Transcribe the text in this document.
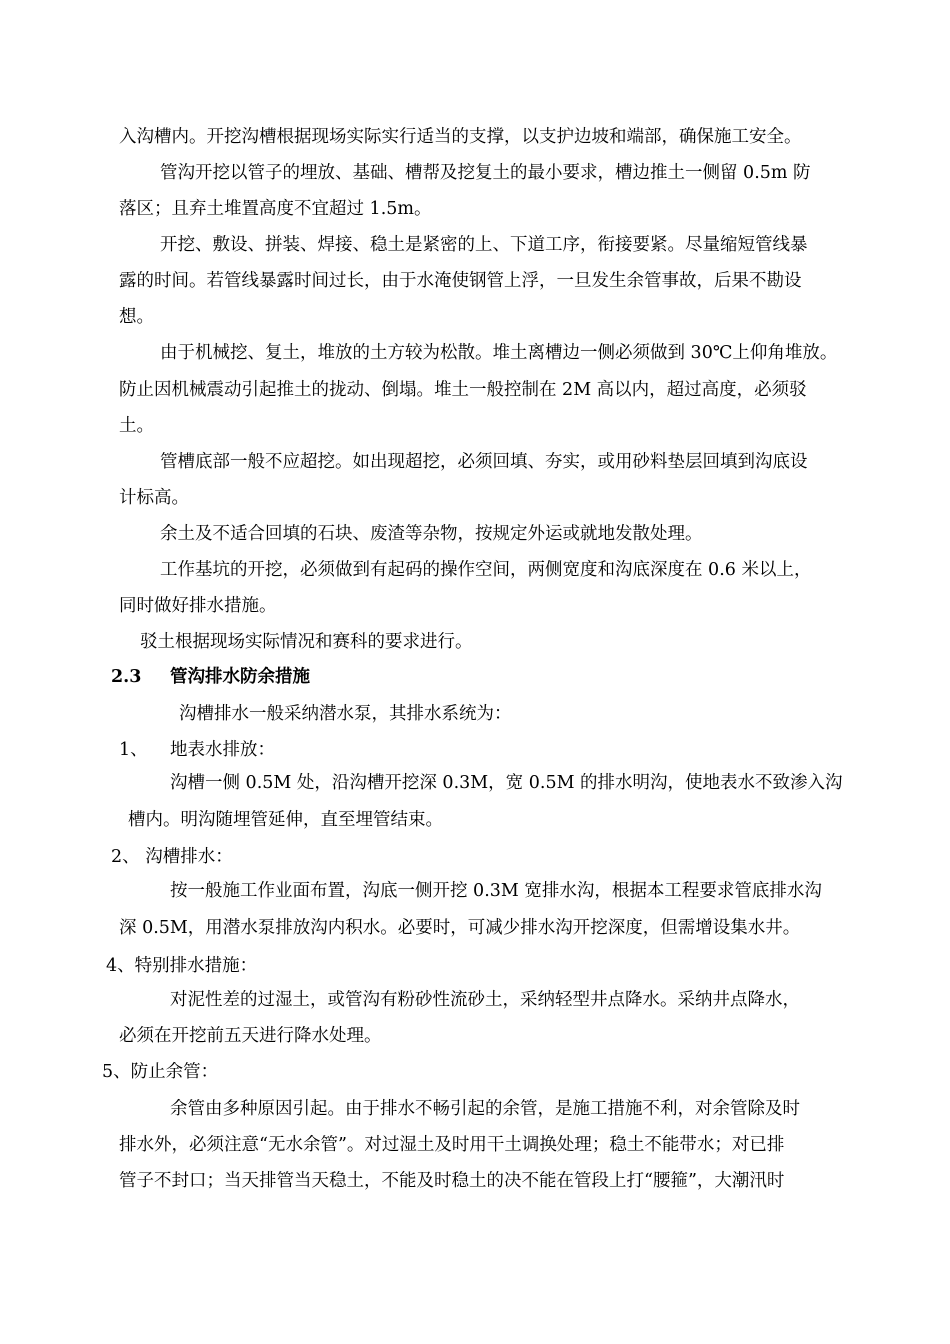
入沟槽内。开挖沟槽根据现场实际实行适当的支撑，以支护边坡和端部，确保施工安全。
管沟开挖以管子的埋放、基础、槽帮及挖复土的最小要求，槽边推土一侧留 0.5m 防
落区；且弃土堆置高度不宜超过 1.5m。
开挖、敷设、拼装、焊接、稳土是紧密的上、下道工序，衔接要紧。尽量缩短管线暴
露的时间。若管线暴露时间过长，由于水淹使钢管上浮，一旦发生余管事故，后果不勘设
想。
由于机械挖、复土，堆放的土方较为松散。堆土离槽边一侧必须做到 30℃上仰角堆放。
防止因机械震动引起推土的拢动、倒塌。堆土一般控制在 2M 高以内，超过高度，必须驳
土。
管槽底部一般不应超挖。如出现超挖，必须回填、夯实，或用砂料垫层回填到沟底设
计标高。
余土及不适合回填的石块、废渣等杂物，按规定外运或就地发散处理。
工作基坑的开挖，必须做到有起码的操作空间，两侧宽度和沟底深度在 0.6 米以上，
同时做好排水措施。
驳土根据现场实际情况和赛科的要求进行。
2.3 管沟排水防余措施
沟槽排水一般采纳潜水泵，其排水系统为：
1、 地表水排放：
沟槽一侧 0.5M 处，沿沟槽开挖深 0.3M，宽 0.5M 的排水明沟，使地表水不致渗入沟
槽内。明沟随埋管延伸，直至埋管结束。
2、 沟槽排水：
按一般施工作业面布置，沟底一侧开挖 0.3M 宽排水沟，根据本工程要求管底排水沟
深 0.5M，用潜水泵排放沟内积水。必要时，可减少排水沟开挖深度，但需增设集水井。
4、特别排水措施：
对泥性差的过湿土，或管沟有粉砂性流砂土，采纳轻型井点降水。采纳井点降水，
必须在开挖前五天进行降水处理。
5、防止余管：
余管由多种原因引起。由于排水不畅引起的余管，是施工措施不利，对余管除及时
排水外，必须注意“无水余管”。对过湿土及时用干土调换处理；稳土不能带水；对已排
管子不封口；当天排管当天稳土，不能及时稳土的决不能在管段上打“腰箍”，大潮汛时
